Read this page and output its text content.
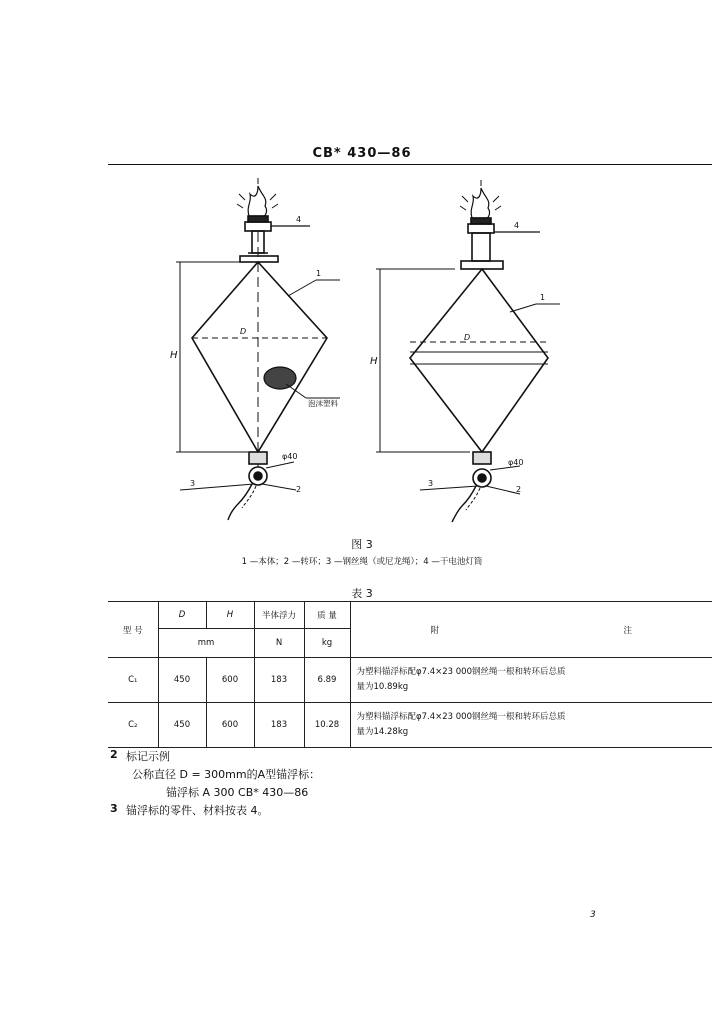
CB* 430—86
4
1
2
3
φ40
泡沫塑料
H
D
4
1
2
3
φ40
H
D
图 3
1 —本体；2 —转环；3 —钢丝绳（或尼龙绳）；4 —干电池灯筒
表 3
型 号	D	H	半体浮力	质 量	附 注

	mm		N	kg	
C₁	450	600	183	6.89	为塑料锚浮标配φ7.4×23 000钢丝绳一根和转环后总质
量为10.89kg

C₂	450	600	183	10.28	为塑料锚浮标配φ7.4×23 000钢丝绳一根和转环后总质
量为14.28kg
2 标记示例
公称直径 D = 300mm的A型锚浮标：
锚浮标 A 300 CB* 430—86
3 锚浮标的零件、材料按表 4。
3
